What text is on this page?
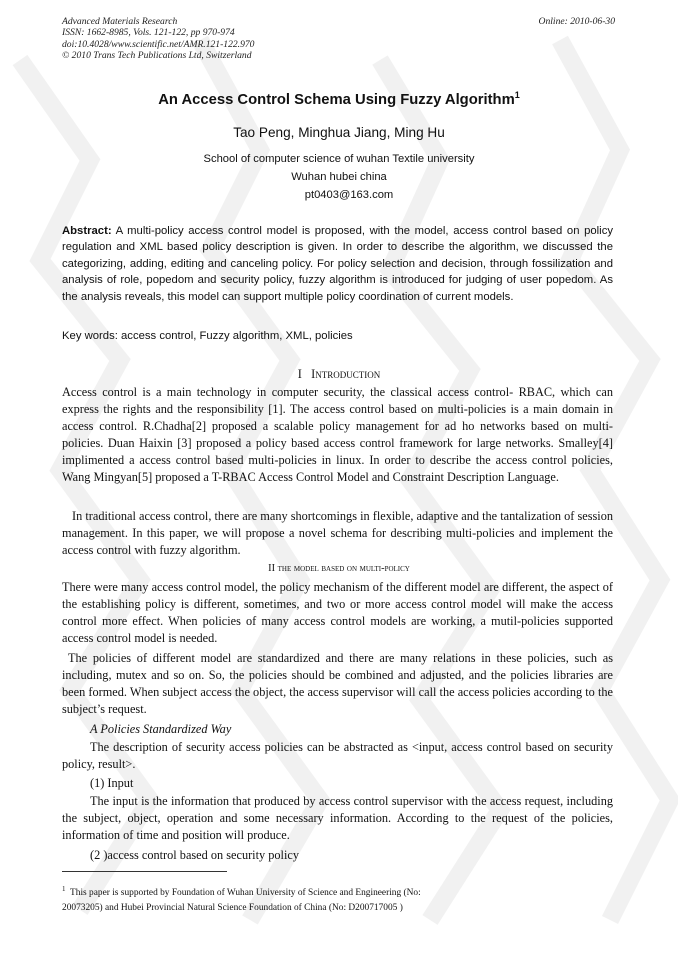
Advanced Materials Research
ISSN: 1662-8985, Vols. 121-122, pp 970-974
doi:10.4028/www.scientific.net/AMR.121-122.970
© 2010 Trans Tech Publications Ltd, Switzerland
Online: 2010-06-30
An Access Control Schema Using Fuzzy Algorithm$^1$
Tao Peng, Minghua Jiang, Ming Hu
School of computer science of wuhan Textile university
Wuhan hubei china
pt0403@163.com

Abstract: A multi-policy access control model is proposed, with the model, access control based on policy regulation and XML based policy description is given. In order to describe the algorithm, we discussed the categorizing, adding, editing and canceling policy. For policy selection and decision, through fossilization and analysis of role, popedom and security policy, fuzzy algorithm is introduced for judging of user popedom. As the analysis reveals, this model can support multiple policy coordination of current models.

Key words: access control, Fuzzy algorithm, XML, policies
I Introduction

Access control is a main technology in computer security, the classical access control- RBAC, which can express the rights and the responsibility [1]. The access control based on multi-policies is a main domain in access control. R.Chadha[2] proposed a scalable policy management for ad ho networks based on multi-policies. Duan Haixin [3] proposed a policy based access control framework for large networks. Smalley[4] implimented a access control based multi-policies in linux. In order to describe the access control policies, Wang Mingyan[5] proposed a T-RBAC Access Control Model and Constraint Description Language.

In traditional access control, there are many shortcomings in flexible, adaptive and the tantalization of session management. In this paper, we will propose a novel schema for describing multi-policies and implement the access control with fuzzy algorithm.

II the model based on multi-policy

There were many access control model, the policy mechanism of the different model are different, the aspect of the establishing policy is different, sometimes, and two or more access control model will make the access control more effect. When policies of many access control models are working, a mutil-policies supported access control model is needed.

The policies of different model are standardized and there are many relations in these policies, such as including, mutex and so on. So, the policies should be combined and adjusted, and the policies libraries are been formed. When subject access the object, the access supervisor will call the access policies according to the subject’s request.

A Policies Standardized Way

The description of security access policies can be abstracted as <input, access control based on security policy, result>.

(1) Input

The input is the information that produced by access control supervisor with the access request, including the subject, object, operation and some necessary information. According to the request of the policies, information of time and position will produce.

(2 )access control based on security policy

$^1$ This paper is supported by Foundation of Wuhan University of Science and Engineering (No:
20073205) and Hubei Provincial Natural Science Foundation of China (No: D200717005 )
